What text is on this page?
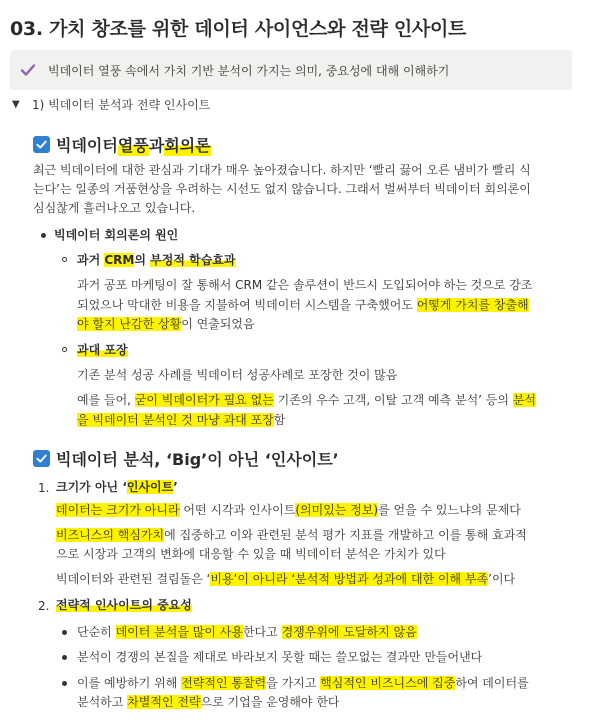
03. 가치 창조를 위한 데이터 사이언스와 전략 인사이트
빅데이터 열풍 속에서 가치 기반 분석이 가지는 의미, 중요성에 대해 이해하기
▼	1) 빅데이터 분석과 전략 인사이트
빅데이터 열풍 과 회의론
최근 빅데이터에 대한 관심과 기대가 매우 높아졌습니다. 하지만 ‘빨리 끓어 오른 냄비가 빨리 식
는다’는 일종의 거품현상을 우려하는 시선도 없지 않습니다. 그래서 벌써부터 빅데이터 회의론이
심심찮게 흘러나오고 있습니다.
빅데이터 회의론의 원인
과거 CRM의 부정적 학습효과
과거 공포 마케팅이 잘 통해서 CRM 같은 솔루션이 반드시 도입되어야 하는 것으로 강조
되었으나 막대한 비용을 지불하여 빅데이터 시스템을 구축했어도 어떻게 가치를 창출해
야 할지 난감한 상황이 연출되었음
과대 포장
기존 분석 성공 사례를 빅데이터 성공사례로 포장한 것이 많음
예를 들어, 굳이 빅데이터가 필요 없는 기존의 우수 고객, 이탈 고객 예측 분석’ 등의 분석
을 빅데이터 분석인 것 마냥 과대 포장함
빅데이터 분석, ‘Big’이 아닌 ‘인사이트’
1. 크기가 아닌 ‘인사이트’
데이터는 크기가 아니라 어떤 시각과 인사이트(의미있는 정보)를 얻을 수 있느냐의 문제다
비즈니스의 핵심가치에 집중하고 이와 관련된 분석 평가 지표를 개발하고 이를 통해 효과적
으로 시장과 고객의 변화에 대응할 수 있을 때 빅데이터 분석은 가치가 있다
빅데이터와 관련된 걸림돌은 ‘비용’이 아니라 ‘분석적 방법과 성과에 대한 이해 부족’이다
2. 전략적 인사이트의 중요성
단순히 데이터 분석을 많이 사용한다고 경쟁우위에 도달하지 않음
분석이 경쟁의 본질을 제대로 바라보지 못할 때는 쓸모없는 결과만 만들어낸다
이를 예방하기 위해 전략적인 통찰력을 가지고 핵심적인 비즈니스에 집중하여 데이터를
분석하고 차별적인 전략으로 기업을 운영해야 한다
